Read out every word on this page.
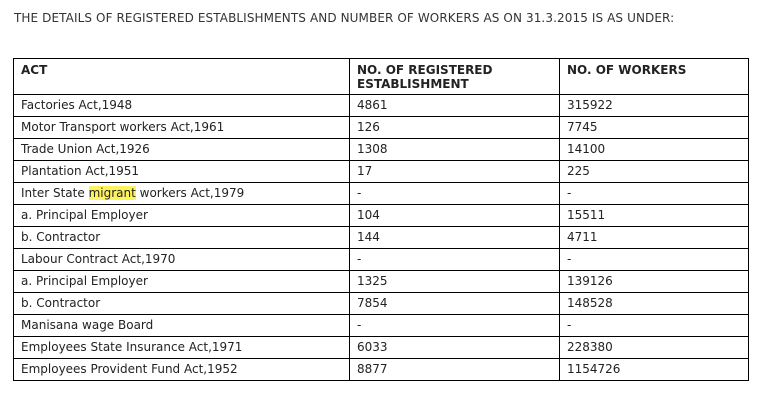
THE DETAILS OF REGISTERED ESTABLISHMENTS AND NUMBER OF WORKERS AS ON 31.3.2015 IS AS UNDER:
ACT	NO. OF REGISTERED ESTABLISHMENT	NO. OF WORKERS
Factories Act,1948	4861	315922
Motor Transport workers Act,1961	126	7745
Trade Union Act,1926	1308	14100
Plantation Act,1951	17	225
Inter State migrant workers Act,1979	-	-
a. Principal Employer	104	15511
b. Contractor	144	4711
Labour Contract Act,1970	-	-
a. Principal Employer	1325	139126
b. Contractor	7854	148528
Manisana wage Board	-	-
Employees State Insurance Act,1971	6033	228380
Employees Provident Fund Act,1952	8877	1154726
